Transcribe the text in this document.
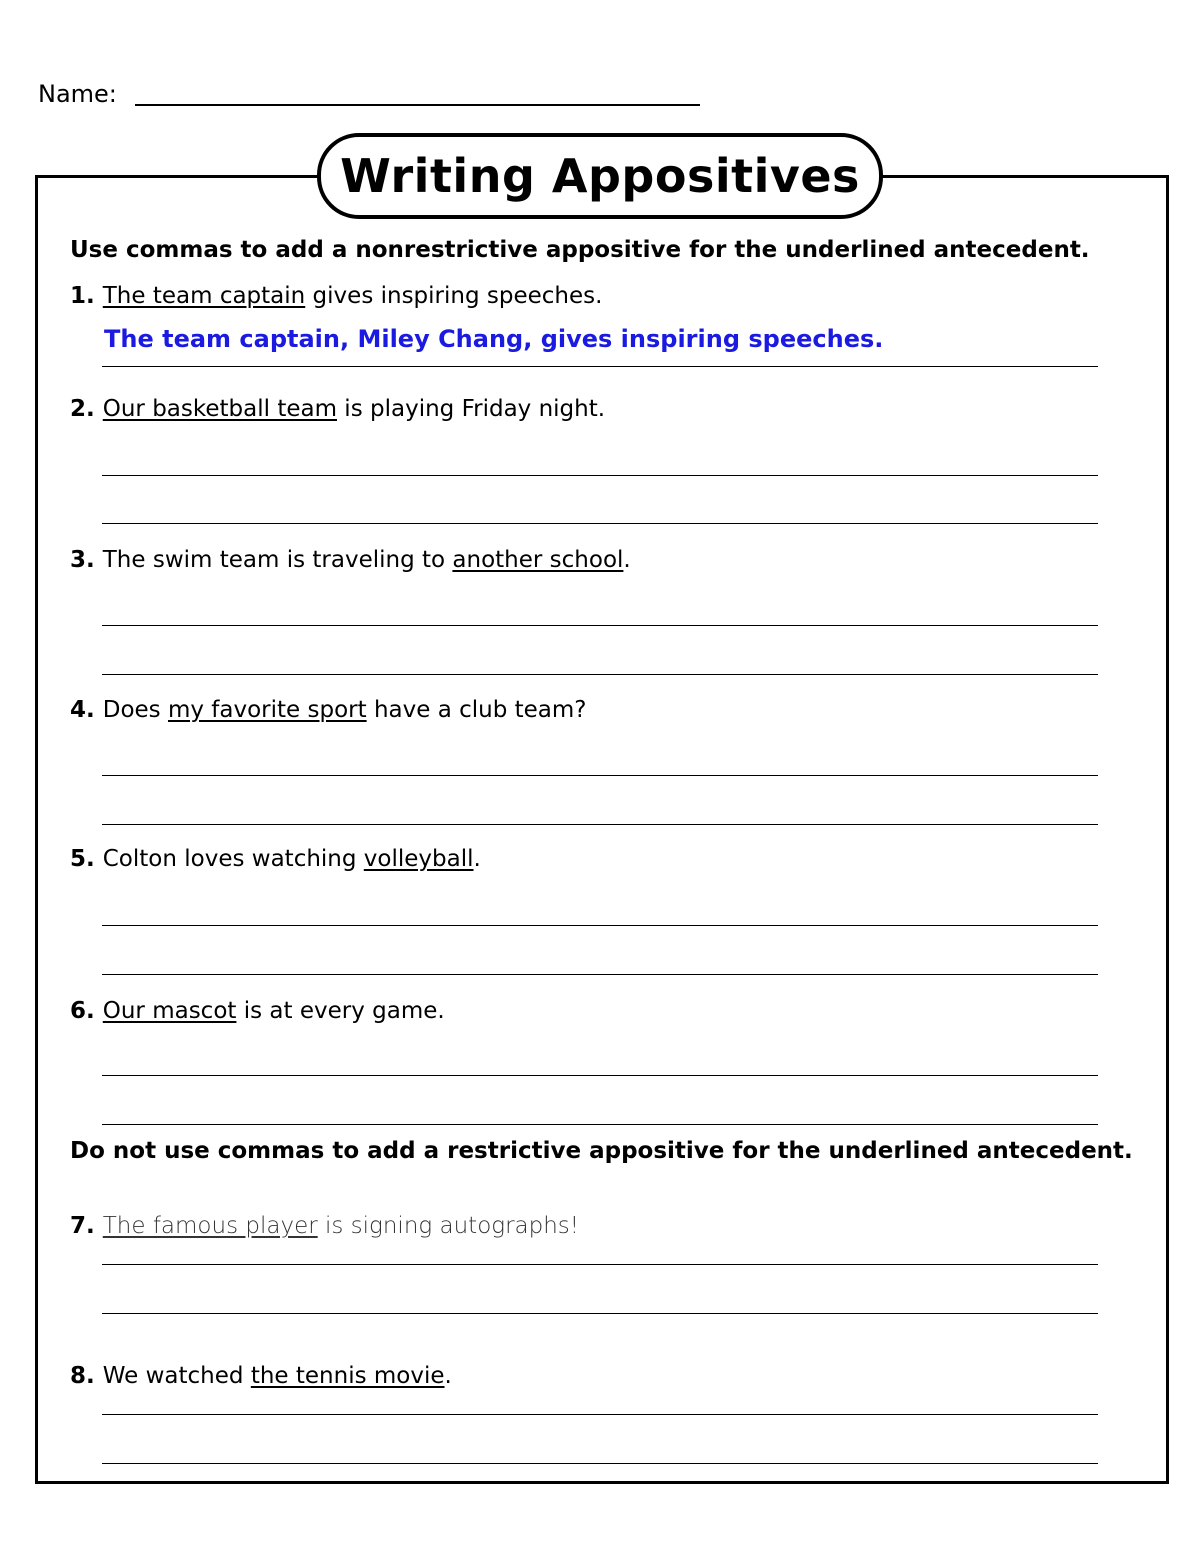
Name:
Writing Appositives
Use commas to add a nonrestrictive appositive for the underlined antecedent.
1. The team captain gives inspiring speeches.
The team captain, Miley Chang, gives inspiring speeches.
2. Our basketball team is playing Friday night.
3. The swim team is traveling to another school.
4. Does my favorite sport have a club team?
5. Colton loves watching volleyball.
6. Our mascot is at every game.
Do not use commas to add a restrictive appositive for the underlined antecedent.
7. The famous player is signing autographs!
8. We watched the tennis movie.
